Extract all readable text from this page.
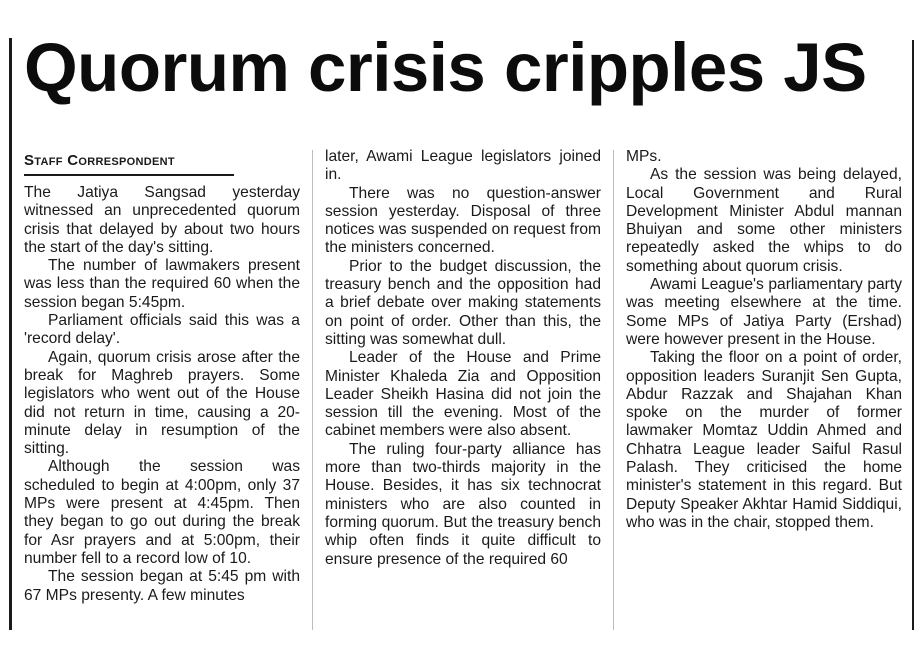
Quorum crisis cripples JS
Staff Correspondent

The Jatiya Sangsad yesterday witnessed an unprecedented quorum crisis that delayed by about two hours the start of the day's sitting.

The number of lawmakers present was less than the required 60 when the session began 5:45pm.

Parliament officials said this was a 'record delay'.

Again, quorum crisis arose after the break for Maghreb prayers. Some legislators who went out of the House did not return in time, causing a 20-minute delay in resumption of the sitting.

Although the session was scheduled to begin at 4:00pm, only 37 MPs were present at 4:45pm. Then they began to go out during the break for Asr prayers and at 5:00pm, their number fell to a record low of 10.

The session began at 5:45 pm with 67 MPs presenty. A few minutes

later, Awami League legislators joined in.

There was no question-answer session yesterday. Disposal of three notices was suspended on request from the ministers concerned.

Prior to the budget discussion, the treasury bench and the opposition had a brief debate over making statements on point of order. Other than this, the sitting was somewhat dull.

Leader of the House and Prime Minister Khaleda Zia and Opposition Leader Sheikh Hasina did not join the session till the evening. Most of the cabinet members were also absent.

The ruling four-party alliance has more than two-thirds majority in the House. Besides, it has six technocrat ministers who are also counted in forming quorum. But the treasury bench whip often finds it quite difficult to ensure presence of the required 60

MPs.

As the session was being delayed, Local Government and Rural Development Minister Abdul mannan Bhuiyan and some other ministers repeatedly asked the whips to do something about quorum crisis.

Awami League's parliamentary party was meeting elsewhere at the time. Some MPs of Jatiya Party (Ershad) were however present in the House.

Taking the floor on a point of order, opposition leaders Suranjit Sen Gupta, Abdur Razzak and Shajahan Khan spoke on the murder of former lawmaker Momtaz Uddin Ahmed and Chhatra League leader Saiful Rasul Palash. They criticised the home minister's statement in this regard. But Deputy Speaker Akhtar Hamid Siddiqui, who was in the chair, stopped them.
